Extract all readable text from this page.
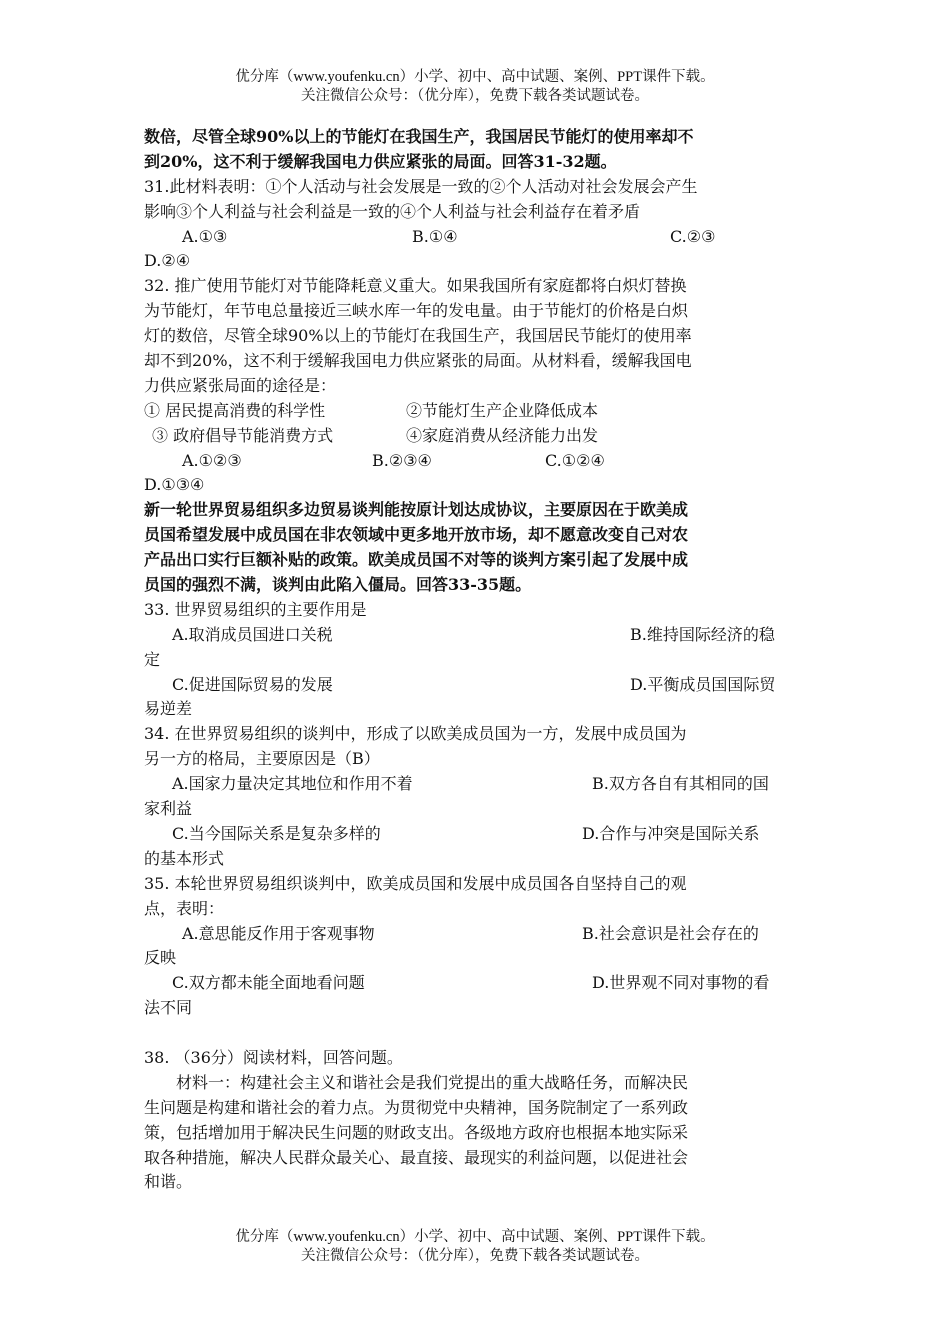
优分库（www.youfenku.cn）小学、初中、高中试题、案例、PPT课件下载。
关注微信公众号：（优分库），免费下载各类试题试卷。
数倍，尽管全球90%以上的节能灯在我国生产，我国居民节能灯的使用率却不
到20%，这不利于缓解我国电力供应紧张的局面。回答31-32题。
31.此材料表明：①个人活动与社会发展是一致的②个人活动对社会发展会产生
影响③个人利益与社会利益是一致的④个人利益与社会利益存在着矛盾
A.①③	B.①④	C.②③
D.②④
32. 推广使用节能灯对节能降耗意义重大。如果我国所有家庭都将白炽灯替换
为节能灯，年节电总量接近三峡水库一年的发电量。由于节能灯的价格是白炽
灯的数倍，尽管全球90%以上的节能灯在我国生产，我国居民节能灯的使用率
却不到20%，这不利于缓解我国电力供应紧张的局面。从材料看，缓解我国电
力供应紧张局面的途径是：
① 居民提高消费的科学性	②节能灯生产企业降低成本
③ 政府倡导节能消费方式	④家庭消费从经济能力出发
A.①②③	B.②③④	C.①②④
D.①③④
新一轮世界贸易组织多边贸易谈判能按原计划达成协议，主要原因在于欧美成
员国希望发展中成员国在非农领域中更多地开放市场，却不愿意改变自己对农
产品出口实行巨额补贴的政策。欧美成员国不对等的谈判方案引起了发展中成
员国的强烈不满，谈判由此陷入僵局。回答33-35题。
33. 世界贸易组织的主要作用是
A.取消成员国进口关税	B.维持国际经济的稳
定
C.促进国际贸易的发展	D.平衡成员国国际贸
易逆差
34. 在世界贸易组织的谈判中，形成了以欧美成员国为一方，发展中成员国为
另一方的格局，主要原因是（B）
A.国家力量决定其地位和作用不着	B.双方各自有其相同的国
家利益
C.当今国际关系是复杂多样的	D.合作与冲突是国际关系
的基本形式
35. 本轮世界贸易组织谈判中，欧美成员国和发展中成员国各自坚持自己的观
点，表明：
A.意思能反作用于客观事物	B.社会意识是社会存在的
反映
C.双方都未能全面地看问题	D.世界观不同对事物的看
法不同
38. （36分）阅读材料，回答问题。
材料一：构建社会主义和谐社会是我们党提出的重大战略任务，而解决民
生问题是构建和谐社会的着力点。为贯彻党中央精神，国务院制定了一系列政
策，包括增加用于解决民生问题的财政支出。各级地方政府也根据本地实际采
取各种措施，解决人民群众最关心、最直接、最现实的利益问题，以促进社会
和谐。
优分库（www.youfenku.cn）小学、初中、高中试题、案例、PPT课件下载。
关注微信公众号：（优分库），免费下载各类试题试卷。
